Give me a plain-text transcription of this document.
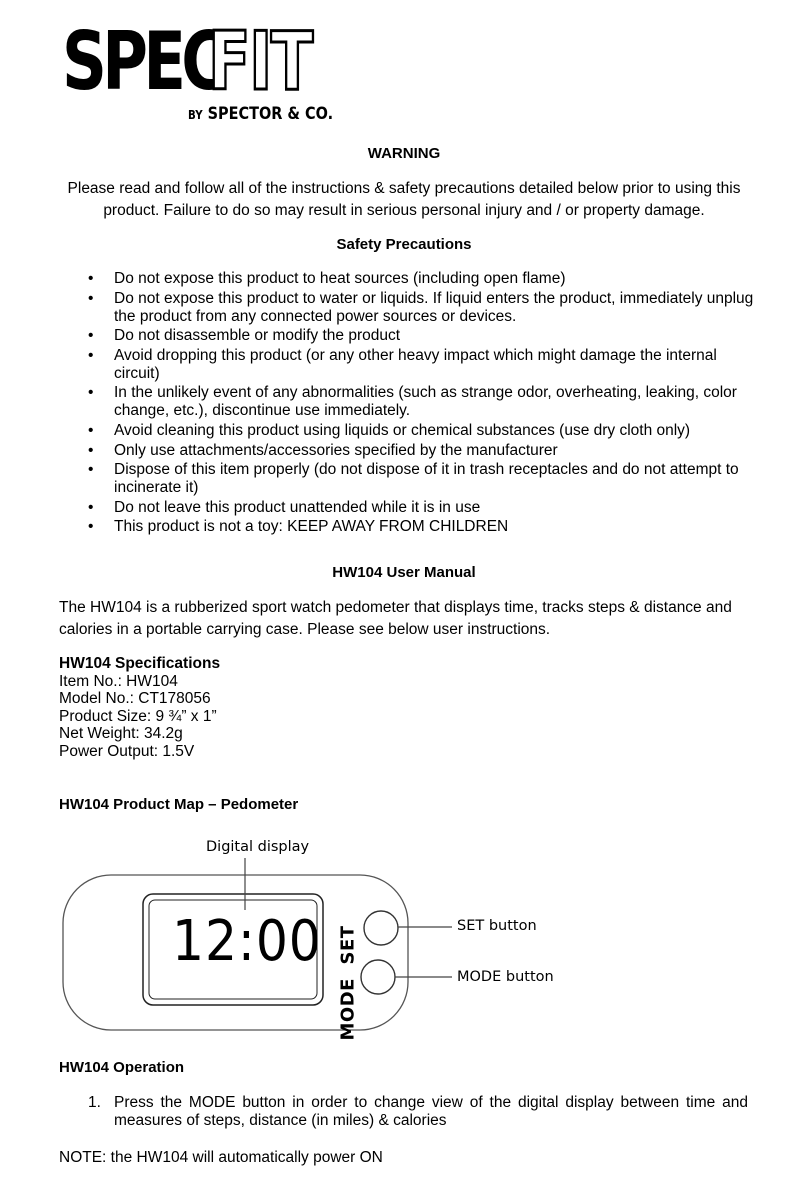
SPEC
FIT
BY SPECTOR & CO.
WARNING
Please read and follow all of the instructions & safety precautions detailed below prior to using this
product. Failure to do so may result in serious personal injury and / or property damage.
Safety Precautions
• Do not expose this product to heat sources (including open flame)
• Do not expose this product to water or liquids. If liquid enters the product, immediately unplug the product from any connected power sources or devices.
• Do not disassemble or modify the product
• Avoid dropping this product (or any other heavy impact which might damage the internal circuit)
• In the unlikely event of any abnormalities (such as strange odor, overheating, leaking, color change, etc.), discontinue use immediately.
• Avoid cleaning this product using liquids or chemical substances (use dry cloth only)
• Only use attachments/accessories specified by the manufacturer
• Dispose of this item properly (do not dispose of it in trash receptacles and do not attempt to incinerate it)
• Do not leave this product unattended while it is in use
• This product is not a toy: KEEP AWAY FROM CHILDREN
HW104 User Manual
The HW104 is a rubberized sport watch pedometer that displays time, tracks steps & distance and
calories in a portable carrying case. Please see below user instructions.
HW104 Specifications
Item No.: HW104
Model No.: CT178056
Product Size: 9 ¾” x 1”
Net Weight: 34.2g
Power Output: 1.5V
HW104 Product Map – Pedometer
Digital display
12:00
MODE  SET	SET button
MODE button
HW104 Operation
1. Press the MODE button in order to change view of the digital display between time and measures of steps, distance (in miles) & calories
NOTE: the HW104 will automatically power ON
